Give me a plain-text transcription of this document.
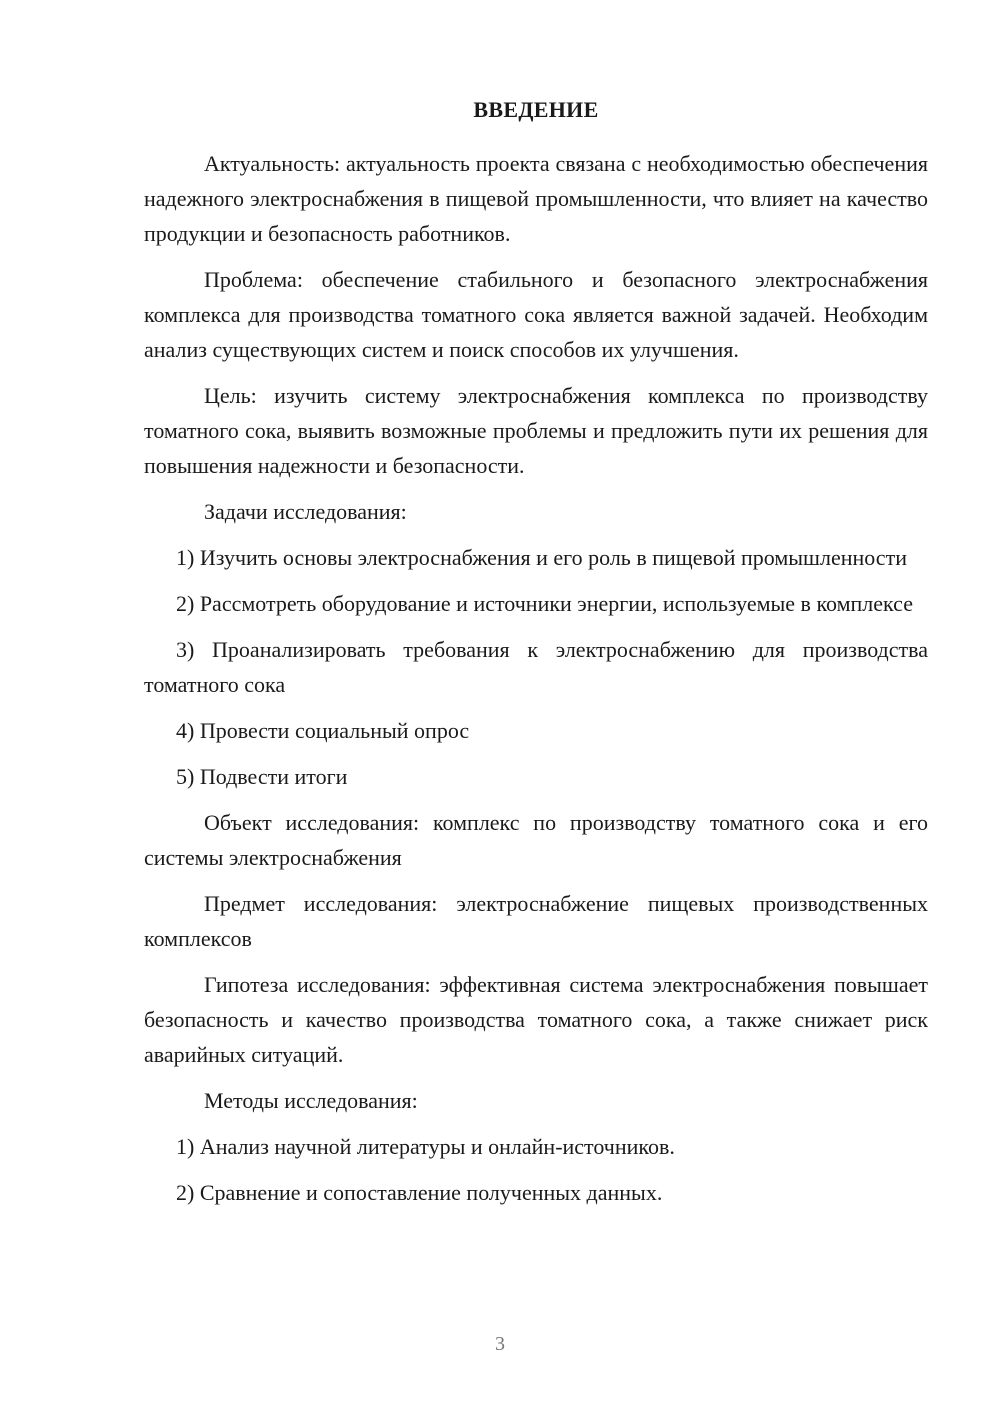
ВВЕДЕНИЕ

Актуальность: актуальность проекта связана с необходимостью обеспечения надежного электроснабжения в пищевой промышленности, что влияет на качество продукции и безопасность работников.

Проблема: обеспечение стабильного и безопасного электроснабжения комплекса для производства томатного сока является важной задачей. Необходим анализ существующих систем и поиск способов их улучшения.

Цель: изучить систему электроснабжения комплекса по производству томатного сока, выявить возможные проблемы и предложить пути их решения для повышения надежности и безопасности.

Задачи исследования:

1) Изучить основы электроснабжения и его роль в пищевой промышленности

2) Рассмотреть оборудование и источники энергии, используемые в комплексе

3) Проанализировать требования к электроснабжению для производства томатного сока

4) Провести социальный опрос

5) Подвести итоги

Объект исследования: комплекс по производству томатного сока и его системы электроснабжения

Предмет исследования: электроснабжение пищевых производственных комплексов

Гипотеза исследования: эффективная система электроснабжения повышает безопасность и качество производства томатного сока, а также снижает риск аварийных ситуаций.

Методы исследования:

1) Анализ научной литературы и онлайн-источников.

2) Сравнение и сопоставление полученных данных.

3
